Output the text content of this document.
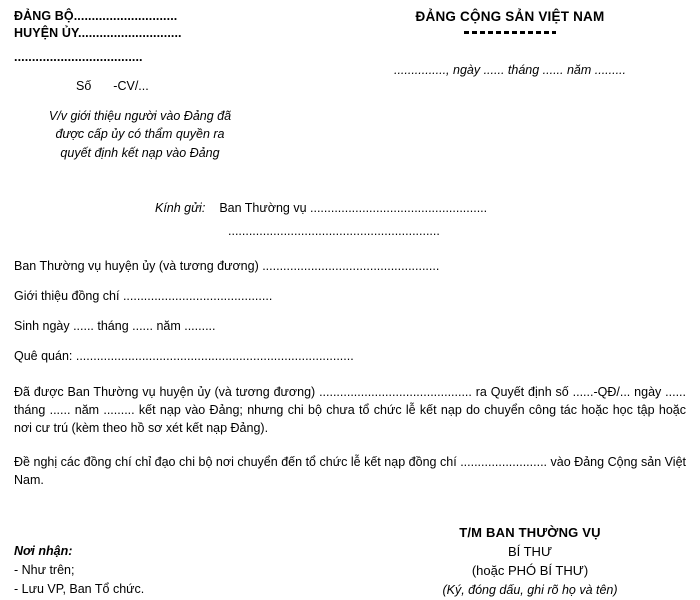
ĐẢNG BỘ.............................
HUYỆN ỦY.............................
....................................
Số -CV/...
V/v giới thiệu người vào Đảng đã
được cấp ủy có thẩm quyền ra
quyết định kết nạp vào Đảng
ĐẢNG CỘNG SẢN VIỆT NAM
..............., ngày ...... tháng ...... năm .........
Kính gửi: Ban Thường vụ ...................................................
.............................................................
Ban Thường vụ huyện ủy (và tương đương) ...................................................
Giới thiệu đồng chí ...........................................
Sinh ngày ...... tháng ...... năm .........
Quê quán: ................................................................................

Đã được Ban Thường vụ huyện ủy (và tương đương) ............................................ ra Quyết định số ......-QĐ/... ngày ...... tháng ...... năm ......... kết nạp vào Đảng; nhưng chi bộ chưa tổ chức lễ kết nạp do chuyển công tác hoặc học tập hoặc nơi cư trú (kèm theo hồ sơ xét kết nạp Đảng).

Đề nghị các đồng chí chỉ đạo chi bộ nơi chuyển đến tổ chức lễ kết nạp đồng chí ......................... vào Đảng Cộng sản Việt Nam.

Nơi nhận:
- Như trên;
- Lưu VP, Ban Tổ chức.
T/M BAN THƯỜNG VỤ
BÍ THƯ
(hoặc PHÓ BÍ THƯ)
(Ký, đóng dấu, ghi rõ họ và tên)
